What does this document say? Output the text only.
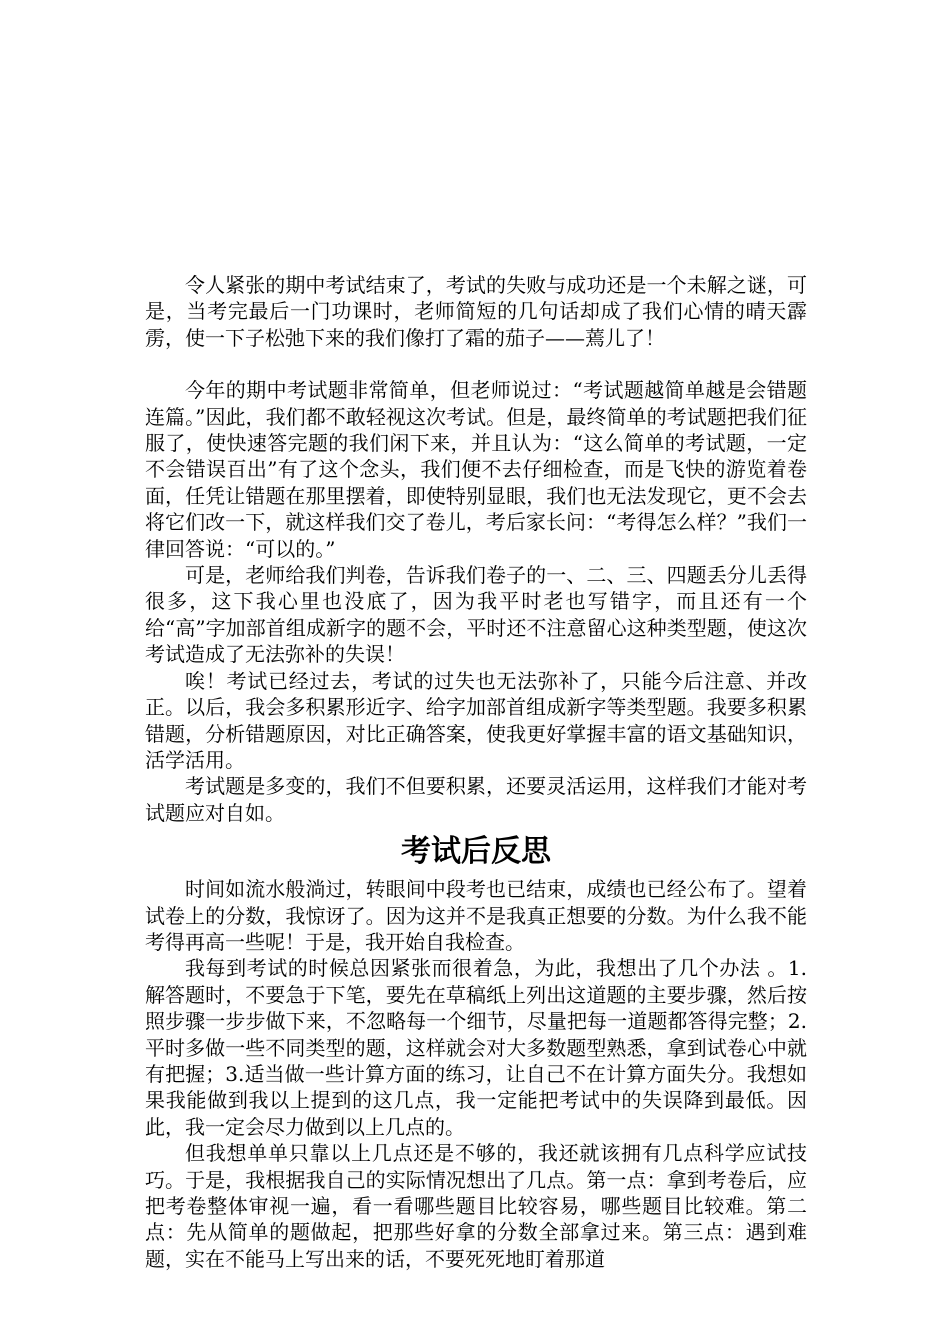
令人紧张的期中考试结束了，考试的失败与成功还是一个未解之谜，可是，当考完最后一门功课时，老师简短的几句话却成了我们心情的晴天霹雳，使一下子松弛下来的我们像打了霜的茄子——蔫儿了！

今年的期中考试题非常简单，但老师说过：“考试题越简单越是会错题连篇。”因此，我们都不敢轻视这次考试。但是，最终简单的考试题把我们征服了，使快速答完题的我们闲下来，并且认为：“这么简单的考试题，一定不会错误百出”有了这个念头，我们便不去仔细检查，而是飞快的游览着卷面，任凭让错题在那里摆着，即使特别显眼，我们也无法发现它，更不会去将它们改一下，就这样我们交了卷儿，考后家长问：“考得怎么样？”我们一律回答说：“可以的。”

可是，老师给我们判卷，告诉我们卷子的一、二、三、四题丢分儿丢得很多，这下我心里也没底了，因为我平时老也写错字，而且还有一个给“高”字加部首组成新字的题不会，平时还不注意留心这种类型题，使这次考试造成了无法弥补的失误！

唉！考试已经过去，考试的过失也无法弥补了，只能今后注意、并改正。以后，我会多积累形近字、给字加部首组成新字等类型题。我要多积累错题，分析错题原因，对比正确答案，使我更好掌握丰富的语文基础知识，活学活用。

考试题是多变的，我们不但要积累，还要灵活运用，这样我们才能对考试题应对自如。

考试后反思

时间如流水般淌过，转眼间中段考也已结束，成绩也已经公布了。望着试卷上的分数，我惊讶了。因为这并不是我真正想要的分数。为什么我不能考得再高一些呢！于是，我开始自我检查。

我每到考试的时候总因紧张而很着急，为此，我想出了几个办法 。1.解答题时，不要急于下笔，要先在草稿纸上列出这道题的主要步骤，然后按照步骤一步步做下来，不忽略每一个细节，尽量把每一道题都答得完整；2.平时多做一些不同类型的题，这样就会对大多数题型熟悉，拿到试卷心中就有把握；3.适当做一些计算方面的练习，让自己不在计算方面失分。我想如果我能做到我以上提到的这几点，我一定能把考试中的失误降到最低。因此，我一定会尽力做到以上几点的。

但我想单单只靠以上几点还是不够的，我还就该拥有几点科学应试技巧。于是，我根据我自己的实际情况想出了几点。第一点：拿到考卷后，应把考卷整体审视一遍，看一看哪些题目比较容易，哪些题目比较难。第二点：先从简单的题做起，把那些好拿的分数全部拿过来。第三点：遇到难题，实在不能马上写出来的话，不要死死地盯着那道
